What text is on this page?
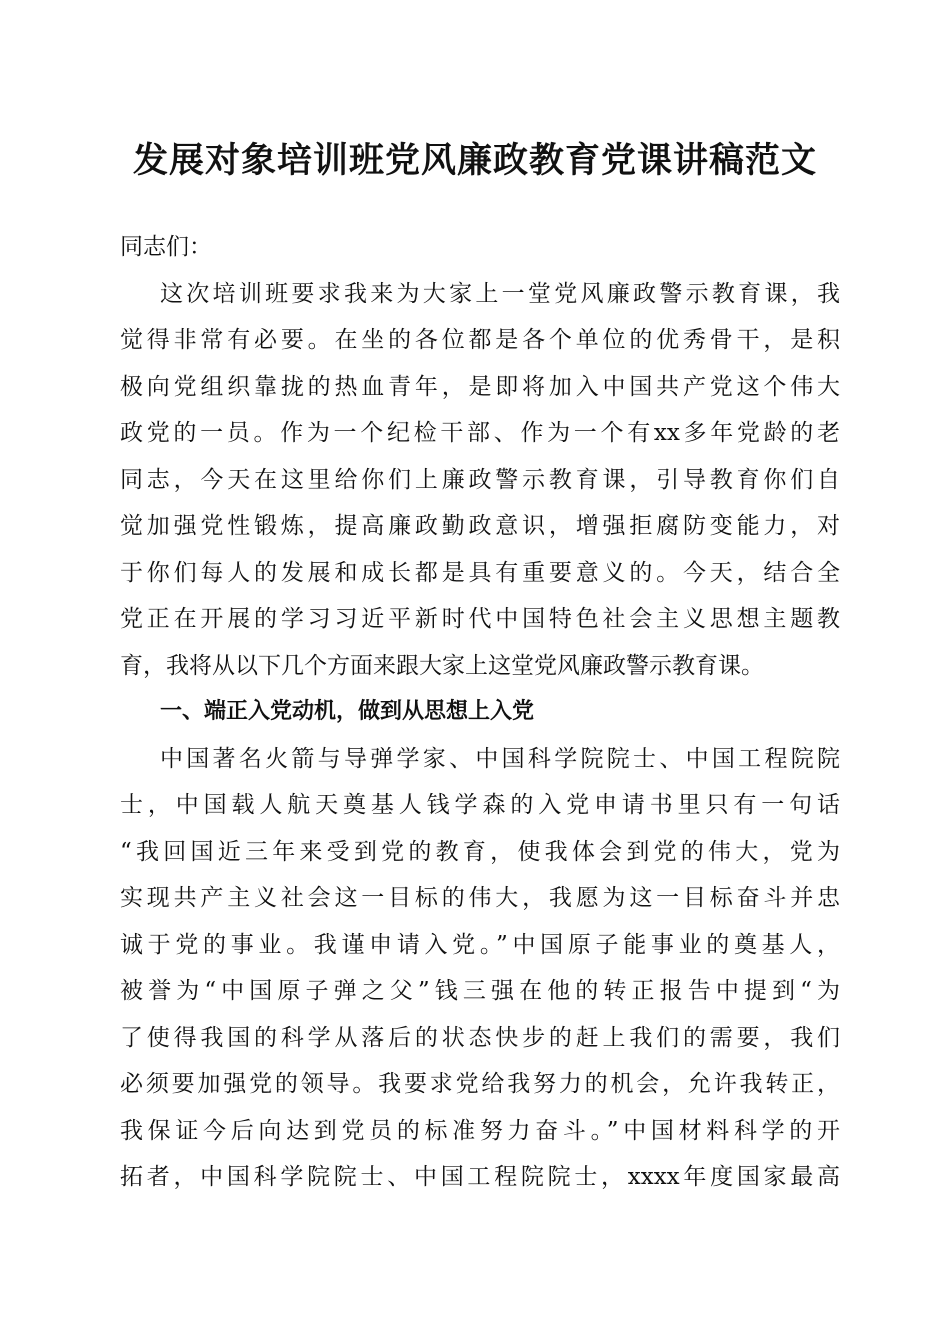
发展对象培训班党风廉政教育党课讲稿范文
同志们：
这次培训班要求我来为大家上一堂党风廉政警示教育课，我
觉得非常有必要。在坐的各位都是各个单位的优秀骨干，是积
极向党组织靠拢的热血青年，是即将加入中国共产党这个伟大
政党的一员。作为一个纪检干部、作为一个有xx多年党龄的老
同志，今天在这里给你们上廉政警示教育课，引导教育你们自
觉加强党性锻炼，提高廉政勤政意识，增强拒腐防变能力，对
于你们每人的发展和成长都是具有重要意义的。今天，结合全
党正在开展的学习习近平新时代中国特色社会主义思想主题教
育，我将从以下几个方面来跟大家上这堂党风廉政警示教育课。
一、端正入党动机，做到从思想上入党
中国著名火箭与导弹学家、中国科学院院士、中国工程院院
士，中国载人航天奠基人钱学森的入党申请书里只有一句话
“我回国近三年来受到党的教育，使我体会到党的伟大，党为
实现共产主义社会这一目标的伟大，我愿为这一目标奋斗并忠
诚于党的事业。我谨申请入党。”中国原子能事业的奠基人，
被誉为“中国原子弹之父”钱三强在他的转正报告中提到“为
了使得我国的科学从落后的状态快步的赶上我们的需要，我们
必须要加强党的领导。我要求党给我努力的机会，允许我转正，
我保证今后向达到党员的标准努力奋斗。”中国材料科学的开
拓者，中国科学院院士、中国工程院院士，xxxx年度国家最高
